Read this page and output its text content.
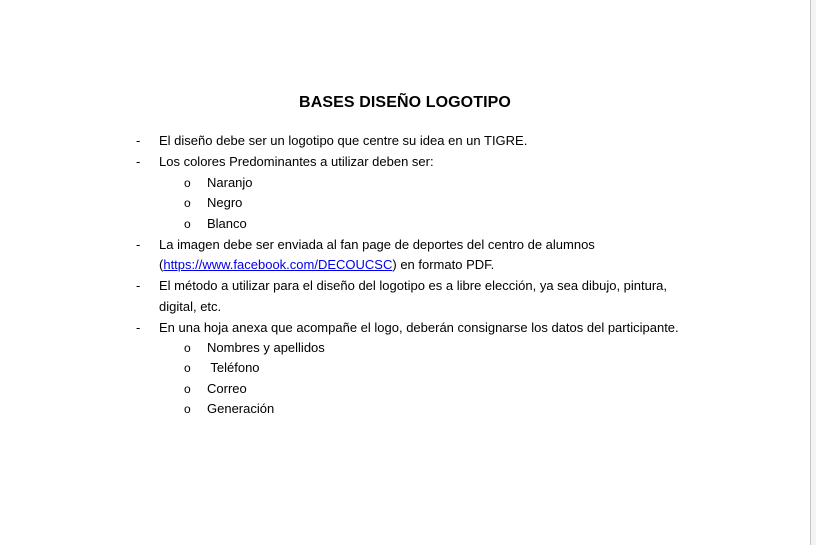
BASES DISEÑO LOGOTIPO
- El diseño debe ser un logotipo que centre su idea en un TIGRE.
- Los colores Predominantes a utilizar deben ser:
o Naranjo
o Negro
o Blanco
- La imagen debe ser enviada al fan page de deportes del centro de alumnos
(https://www.facebook.com/DECOUCSC) en formato PDF.
- El método a utilizar para el diseño del logotipo es a libre elección, ya sea dibujo, pintura,
digital, etc.
- En una hoja anexa que acompañe el logo, deberán consignarse los datos del participante.
o Nombres y apellidos
o Teléfono
o Correo
o Generación
